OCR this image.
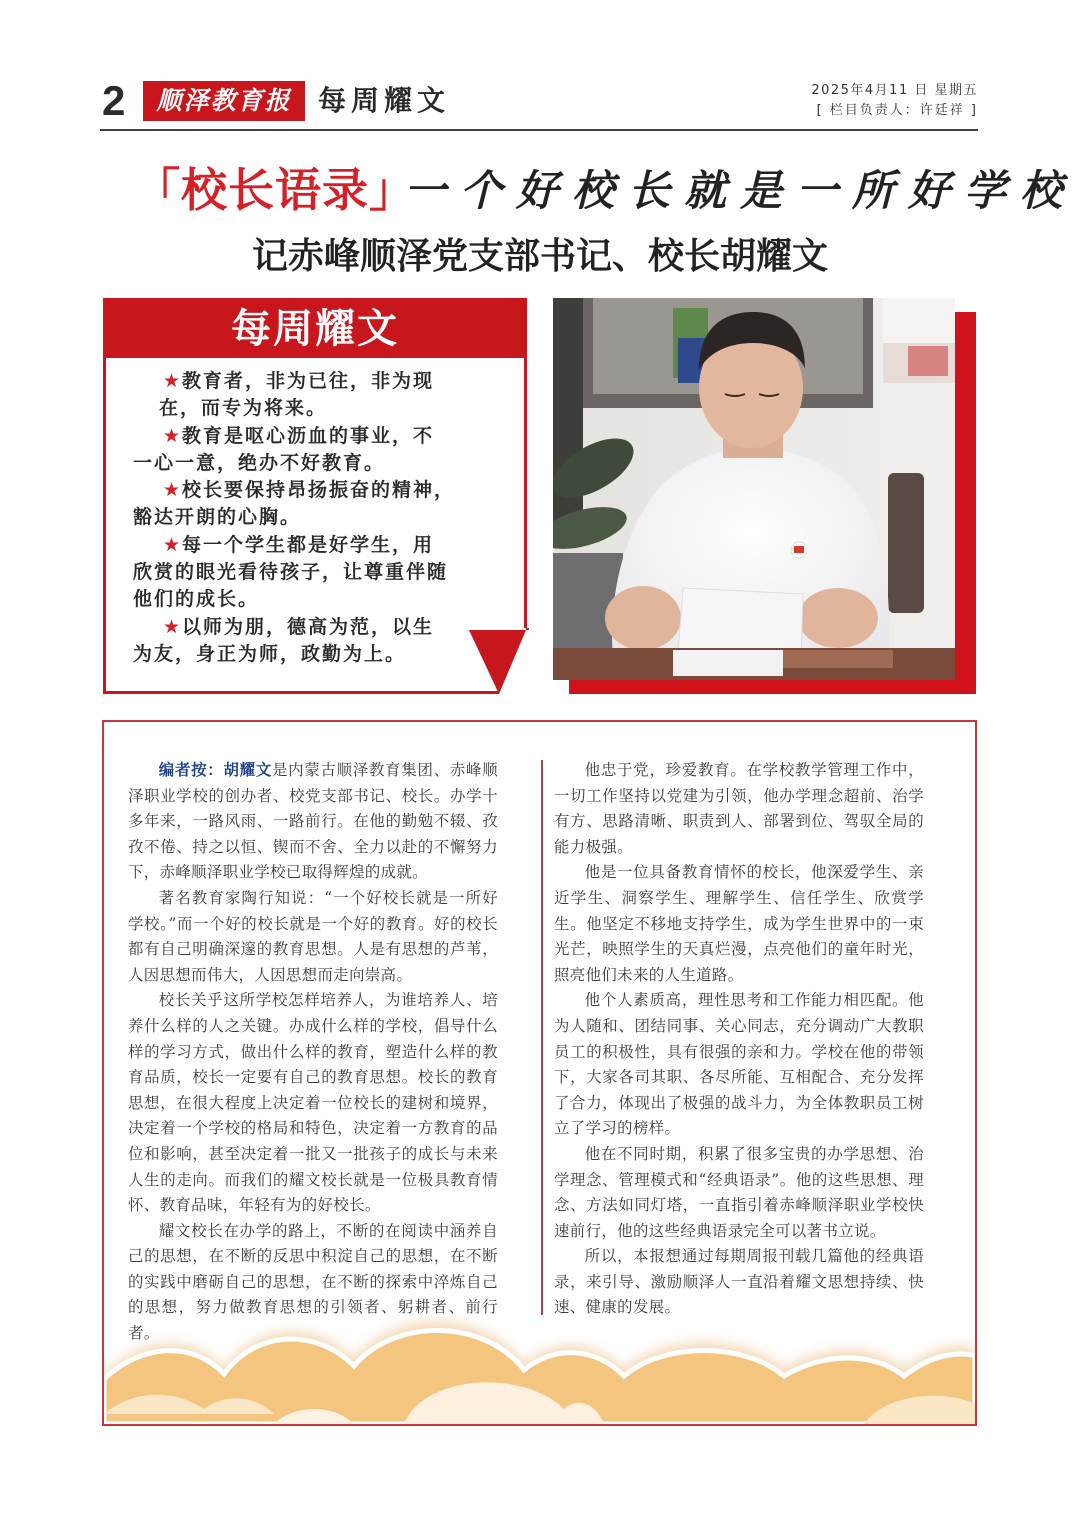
2	顺泽教育报 每周耀文	2025年4月11 日 星期五
[ 栏目负责人：许廷祥 ]
「校长语录」
一个好校长就是一所好学校
记赤峰顺泽党支部书记、校长胡耀文
每周耀文
★教育者，非为已往，非为现
在，而专为将来。
★教育是呕心沥血的事业，不
一心一意，绝办不好教育。
★校长要保持昂扬振奋的精神，
豁达开朗的心胸。
★每一个学生都是好学生，用
欣赏的眼光看待孩子，让尊重伴随
他们的成长。
★以师为朋，德高为范，以生
为友，身正为师，政勤为上。

编者按：胡耀文是内蒙古顺泽教育集团、赤峰顺泽职业学校的创办者、校党支部书记、校长。办学十多年来，一路风雨、一路前行。在他的勤勉不辍、孜孜不倦、持之以恒、锲而不舍、全力以赴的不懈努力下，赤峰顺泽职业学校已取得辉煌的成就。

著名教育家陶行知说：“一个好校长就是一所好学校。”而一个好的校长就是一个好的教育。好的校长都有自己明确深邃的教育思想。人是有思想的芦苇，人因思想而伟大，人因思想而走向崇高。

校长关乎这所学校怎样培养人，为谁培养人、培养什么样的人之关键。办成什么样的学校，倡导什么样的学习方式，做出什么样的教育，塑造什么样的教育品质，校长一定要有自己的教育思想。校长的教育思想，在很大程度上决定着一位校长的建树和境界，决定着一个学校的格局和特色，决定着一方教育的品位和影响，甚至决定着一批又一批孩子的成长与未来人生的走向。而我们的耀文校长就是一位极具教育情怀、教育品味，年轻有为的好校长。

耀文校长在办学的路上，不断的在阅读中涵养自己的思想，在不断的反思中积淀自己的思想，在不断的实践中磨砺自己的思想，在不断的探索中淬炼自己的思想，努力做教育思想的引领者、躬耕者、前行者。

他忠于党，珍爱教育。在学校教学管理工作中，一切工作坚持以党建为引领，他办学理念超前、治学有方、思路清晰、职责到人、部署到位、驾驭全局的能力极强。

他是一位具备教育情怀的校长，他深爱学生、亲近学生、洞察学生、理解学生、信任学生、欣赏学生。他坚定不移地支持学生，成为学生世界中的一束光芒，映照学生的天真烂漫，点亮他们的童年时光，照亮他们未来的人生道路。

他个人素质高，理性思考和工作能力相匹配。他为人随和、团结同事、关心同志，充分调动广大教职员工的积极性，具有很强的亲和力。学校在他的带领下，大家各司其职、各尽所能、互相配合、充分发挥了合力，体现出了极强的战斗力，为全体教职员工树立了学习的榜样。

他在不同时期，积累了很多宝贵的办学思想、治学理念、管理模式和“经典语录”。他的这些思想、理念、方法如同灯塔，一直指引着赤峰顺泽职业学校快速前行，他的这些经典语录完全可以著书立说。

所以，本报想通过每期周报刊载几篇他的经典语录，来引导、激励顺泽人一直沿着耀文思想持续、快速、健康的发展。
